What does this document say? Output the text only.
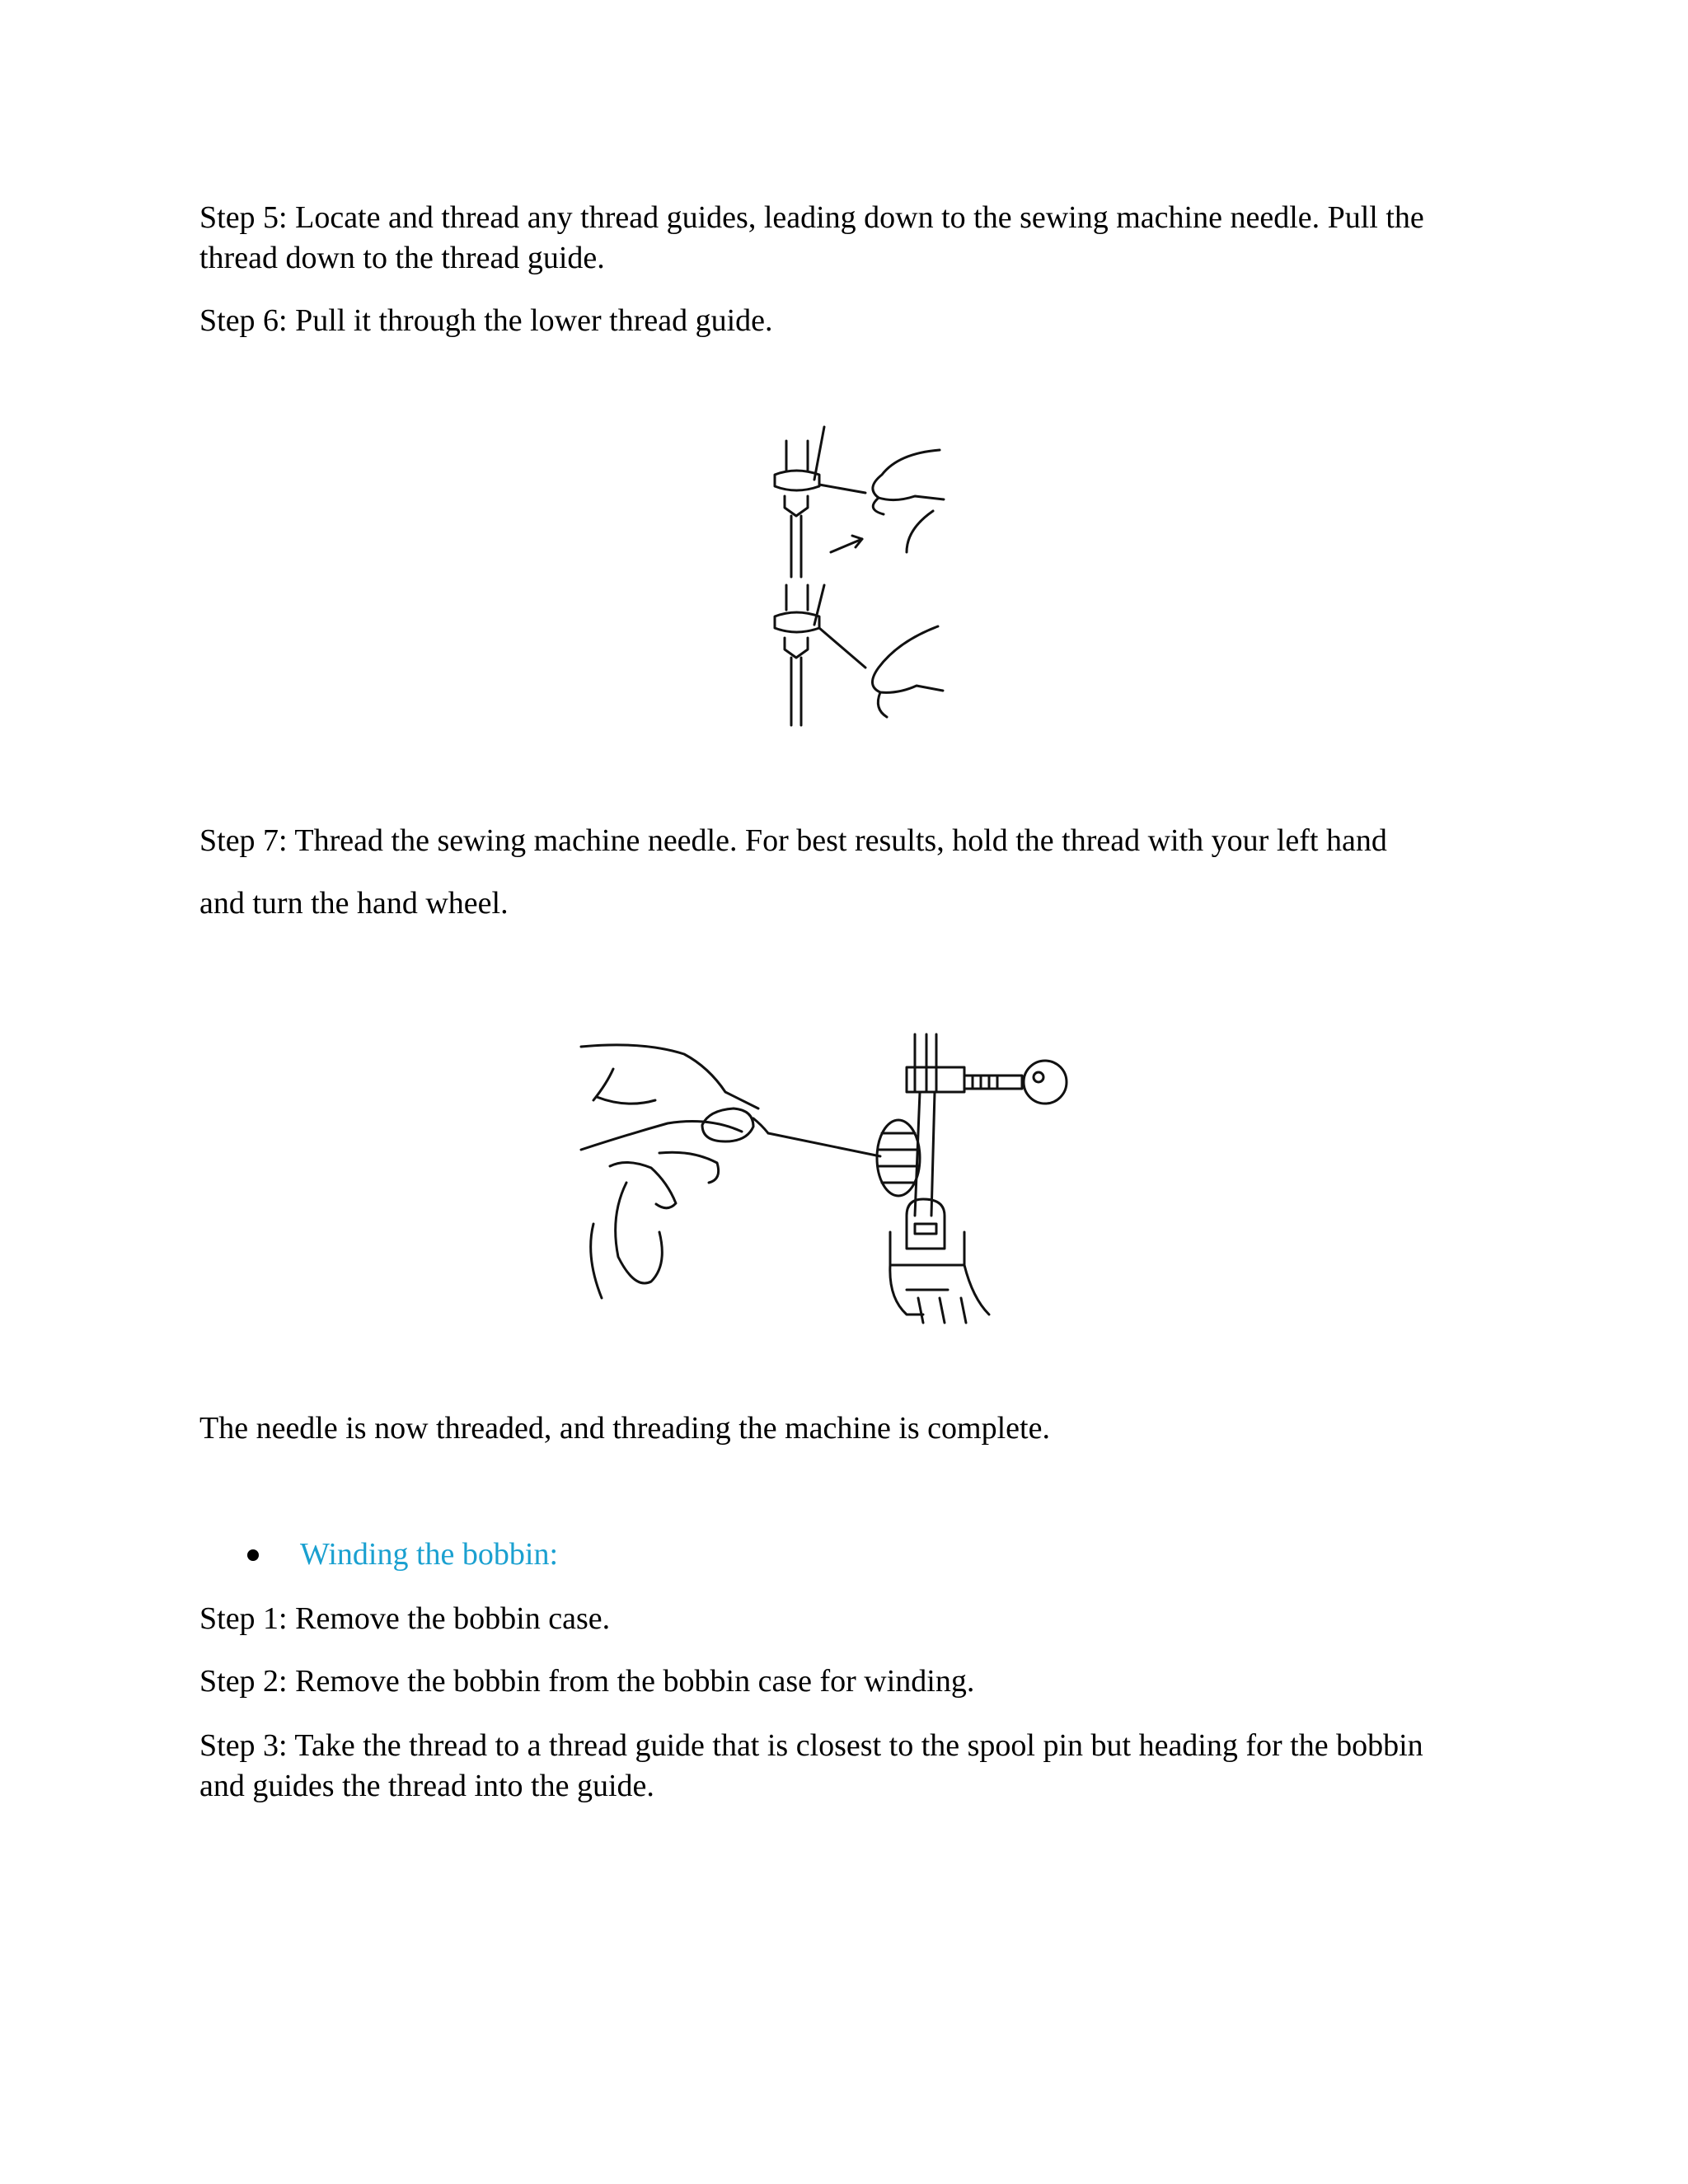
Step 5: Locate and thread any thread guides, leading down to the sewing machine needle. Pull the thread down to the thread guide.

Step 6: Pull it through the lower thread guide.

Step 7: Thread the sewing machine needle. For best results, hold the thread with your left hand

and turn the hand wheel.

The needle is now threaded, and threading the machine is complete.

Winding the bobbin:

Step 1: Remove the bobbin case.

Step 2: Remove the bobbin from the bobbin case for winding.

Step 3: Take the thread to a thread guide that is closest to the spool pin but heading for the bobbin and guides the thread into the guide.
